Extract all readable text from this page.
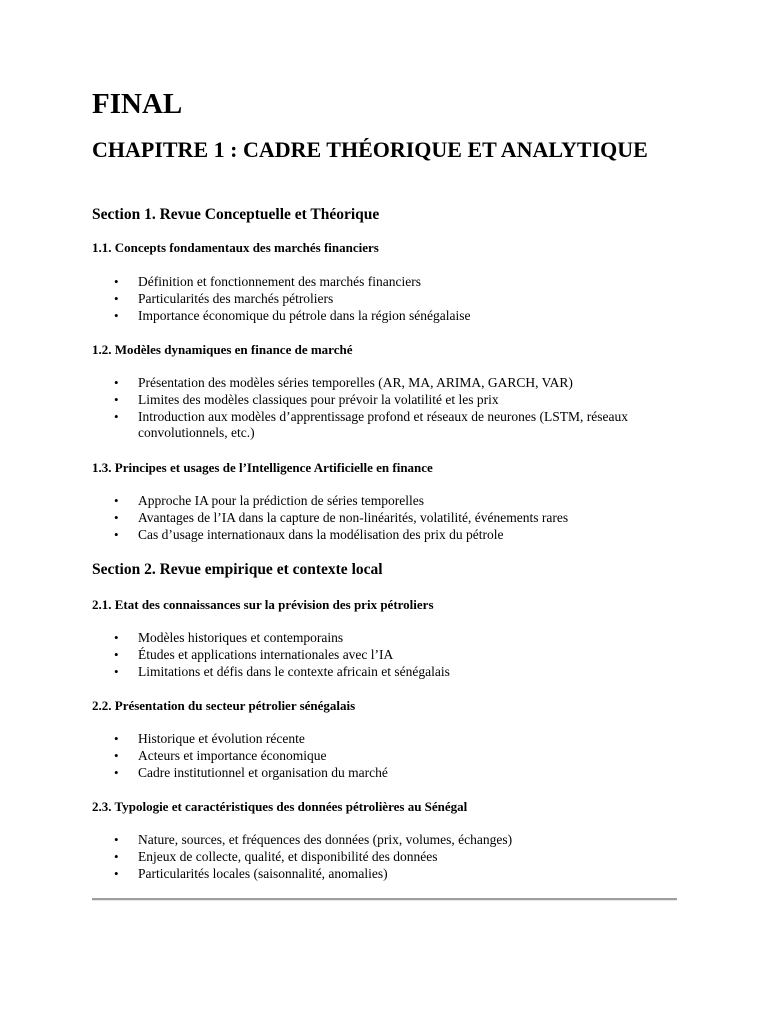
FINAL
CHAPITRE 1 : CADRE THÉORIQUE ET ANALYTIQUE
Section 1. Revue Conceptuelle et Théorique
1.1. Concepts fondamentaux des marchés financiers
• Définition et fonctionnement des marchés financiers
• Particularités des marchés pétroliers
• Importance économique du pétrole dans la région sénégalaise
1.2. Modèles dynamiques en finance de marché
• Présentation des modèles séries temporelles (AR, MA, ARIMA, GARCH, VAR)
• Limites des modèles classiques pour prévoir la volatilité et les prix
• Introduction aux modèles d’apprentissage profond et réseaux de neurones (LSTM, réseaux convolutionnels, etc.)
1.3. Principes et usages de l’Intelligence Artificielle en finance
• Approche IA pour la prédiction de séries temporelles
• Avantages de l’IA dans la capture de non-linéarités, volatilité, événements rares
• Cas d’usage internationaux dans la modélisation des prix du pétrole
Section 2. Revue empirique et contexte local
2.1. Etat des connaissances sur la prévision des prix pétroliers
• Modèles historiques et contemporains
• Études et applications internationales avec l’IA
• Limitations et défis dans le contexte africain et sénégalais
2.2. Présentation du secteur pétrolier sénégalais
• Historique et évolution récente
• Acteurs et importance économique
• Cadre institutionnel et organisation du marché
2.3. Typologie et caractéristiques des données pétrolières au Sénégal
• Nature, sources, et fréquences des données (prix, volumes, échanges)
• Enjeux de collecte, qualité, et disponibilité des données
• Particularités locales (saisonnalité, anomalies)
